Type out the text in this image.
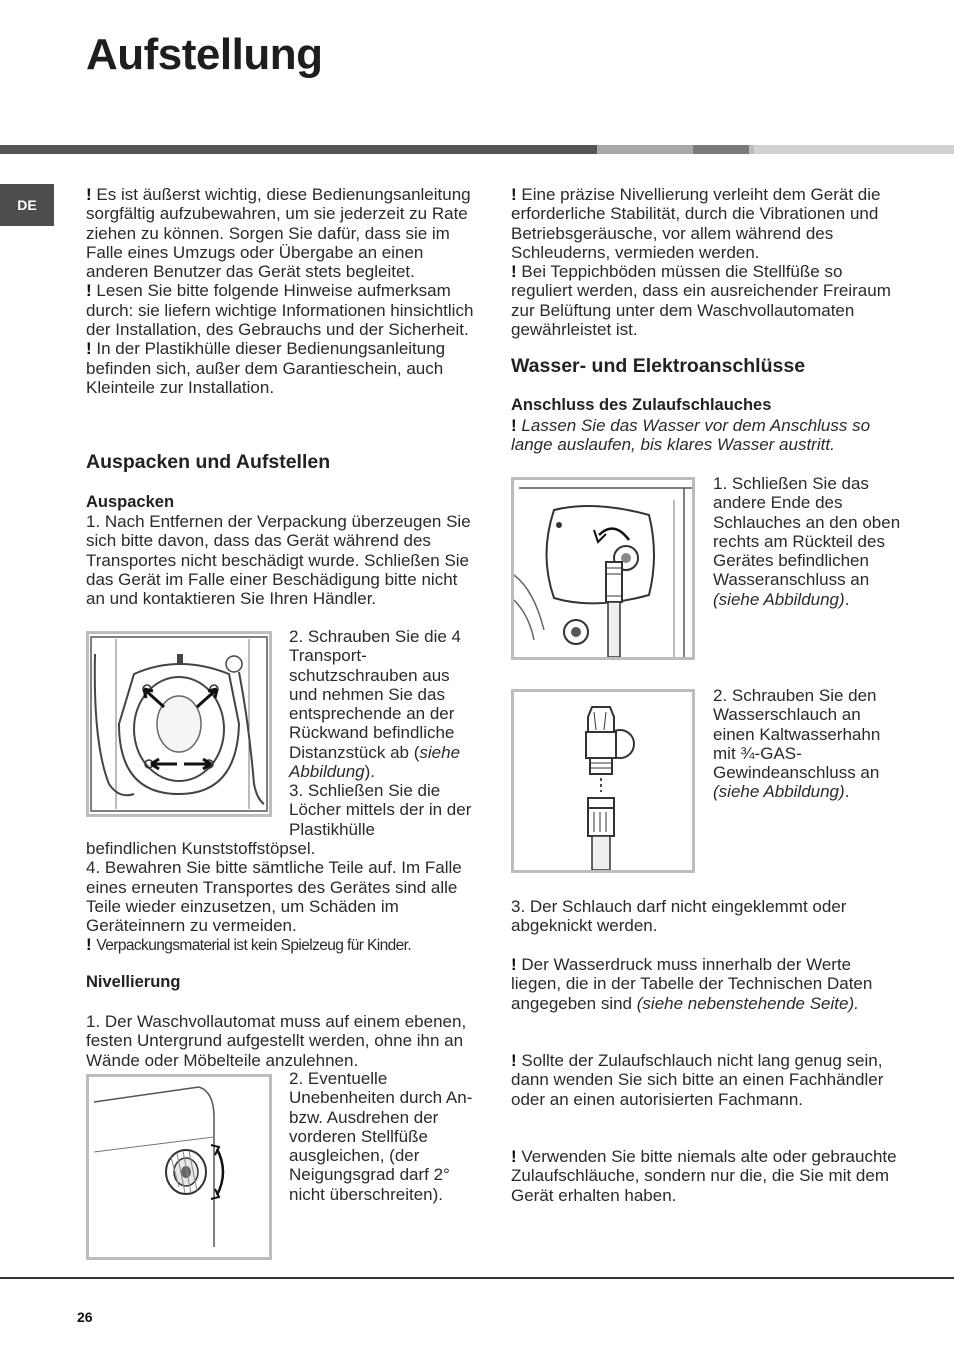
Aufstellung
DE

! Es ist äußerst wichtig, diese Bedienungsanleitung sorgfältig aufzubewahren, um sie jederzeit zu Rate ziehen zu können. Sorgen Sie dafür, dass sie im Falle eines Umzugs oder Übergabe an einen anderen Benutzer das Gerät stets begleitet.

! Lesen Sie bitte folgende Hinweise aufmerksam durch: sie liefern wichtige Informationen hinsichtlich der Installation, des Gebrauchs und der Sicherheit.

! In der Plastikhülle dieser Bedienungsanleitung befinden sich, außer dem Garantieschein, auch Kleinteile zur Installation.

Auspacken und Aufstellen
Auspacken
1. Nach Entfernen der Verpackung überzeugen Sie sich bitte davon, dass das Gerät während des Transportes nicht beschädigt wurde. Schließen Sie das Gerät im Falle einer Beschädigung bitte nicht an und kontaktieren Sie Ihren Händler.
2. Schrauben Sie die 4 Transport-schutzschrauben aus und nehmen Sie das entsprechende an der Rückwand befindliche Distanzstück ab (siehe Abbildung).
3. Schließen Sie die Löcher mittels der in der Plastikhülle

befindlichen Kunststoffstöpsel.

4. Bewahren Sie bitte sämtliche Teile auf. Im Falle eines erneuten Transportes des Gerätes sind alle Teile wieder einzusetzen, um Schäden im Geräteinnern zu vermeiden.

! Verpackungsmaterial ist kein Spielzeug für Kinder.

Nivellierung
1. Der Waschvollautomat muss auf einem ebenen, festen Untergrund aufgestellt werden, ohne ihn an Wände oder Möbelteile anzulehnen.
2. Eventuelle Unebenheiten durch An- bzw. Ausdrehen der vorderen Stellfüße ausgleichen, (der Neigungsgrad darf 2° nicht überschreiten).

! Eine präzise Nivellierung verleiht dem Gerät die erforderliche Stabilität, durch die Vibrationen und Betriebsgeräusche, vor allem während des Schleuderns, vermieden werden.

! Bei Teppichböden müssen die Stellfüße so reguliert werden, dass ein ausreichender Freiraum zur Belüftung unter dem Waschvollautomaten gewährleistet ist.

Wasser- und Elektroanschlüsse
Anschluss des Zulaufschlauches
! Lassen Sie das Wasser vor dem Anschluss so lange auslaufen, bis klares Wasser austritt.
1. Schließen Sie das andere Ende des Schlauches an den oben rechts am Rückteil des Gerätes befindlichen Wasseranschluss an (siehe Abbildung).
2. Schrauben Sie den Wasserschlauch an einen Kaltwasserhahn mit ¾-GAS-Gewindeanschluss an (siehe Abbildung).
3. Der Schlauch darf nicht eingeklemmt oder abgeknickt werden.
! Der Wasserdruck muss innerhalb der Werte liegen, die in der Tabelle der Technischen Daten angegeben sind (siehe nebenstehende Seite).
! Sollte der Zulaufschlauch nicht lang genug sein, dann wenden Sie sich bitte an einen Fachhändler oder an einen autorisierten Fachmann.
! Verwenden Sie bitte niemals alte oder gebrauchte Zulaufschläuche, sondern nur die, die Sie mit dem Gerät erhalten haben.
26
